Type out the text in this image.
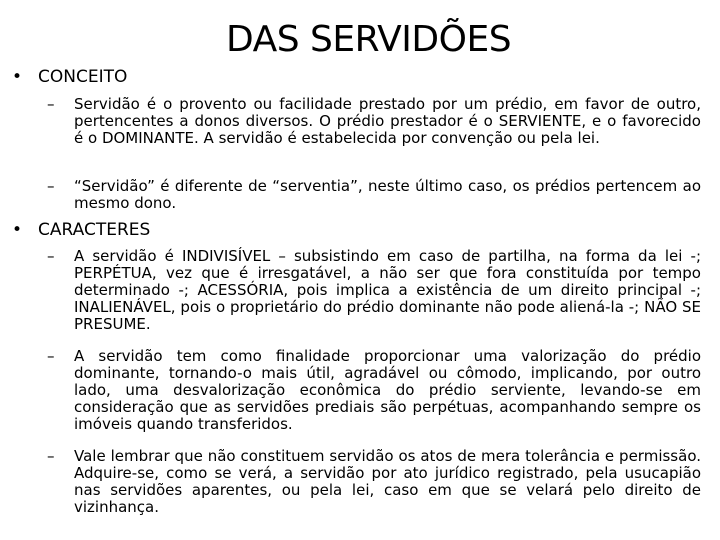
DAS SERVIDÕES
• CONCEITO
– Servidão é o provento ou facilidade prestado por um prédio, em favor de outro, pertencentes a donos diversos. O prédio prestador é o SERVIENTE, e o favorecido é o DOMINANTE. A servidão é estabelecida por convenção ou pela lei.
– “Servidão” é diferente de “serventia”, neste último caso, os prédios pertencem ao mesmo dono.
• CARACTERES
– A servidão é INDIVISÍVEL – subsistindo em caso de partilha, na forma da lei -; PERPÉTUA, vez que é irresgatável, a não ser que fora constituída por tempo determinado -; ACESSÓRIA, pois implica a existência de um direito principal -; INALIENÁVEL, pois o proprietário do prédio dominante não pode aliená-la -; NÃO SE PRESUME.
– A servidão tem como finalidade proporcionar uma valorização do prédio dominante, tornando-o mais útil, agradável ou cômodo, implicando, por outro lado, uma desvalorização econômica do prédio serviente, levando-se em consideração que as servidões prediais são perpétuas, acompanhando sempre os imóveis quando transferidos.
– Vale lembrar que não constituem servidão os atos de mera tolerância e permissão. Adquire-se, como se verá, a servidão por ato jurídico registrado, pela usucapião nas servidões aparentes, ou pela lei, caso em que se velará pelo direito de vizinhança.
